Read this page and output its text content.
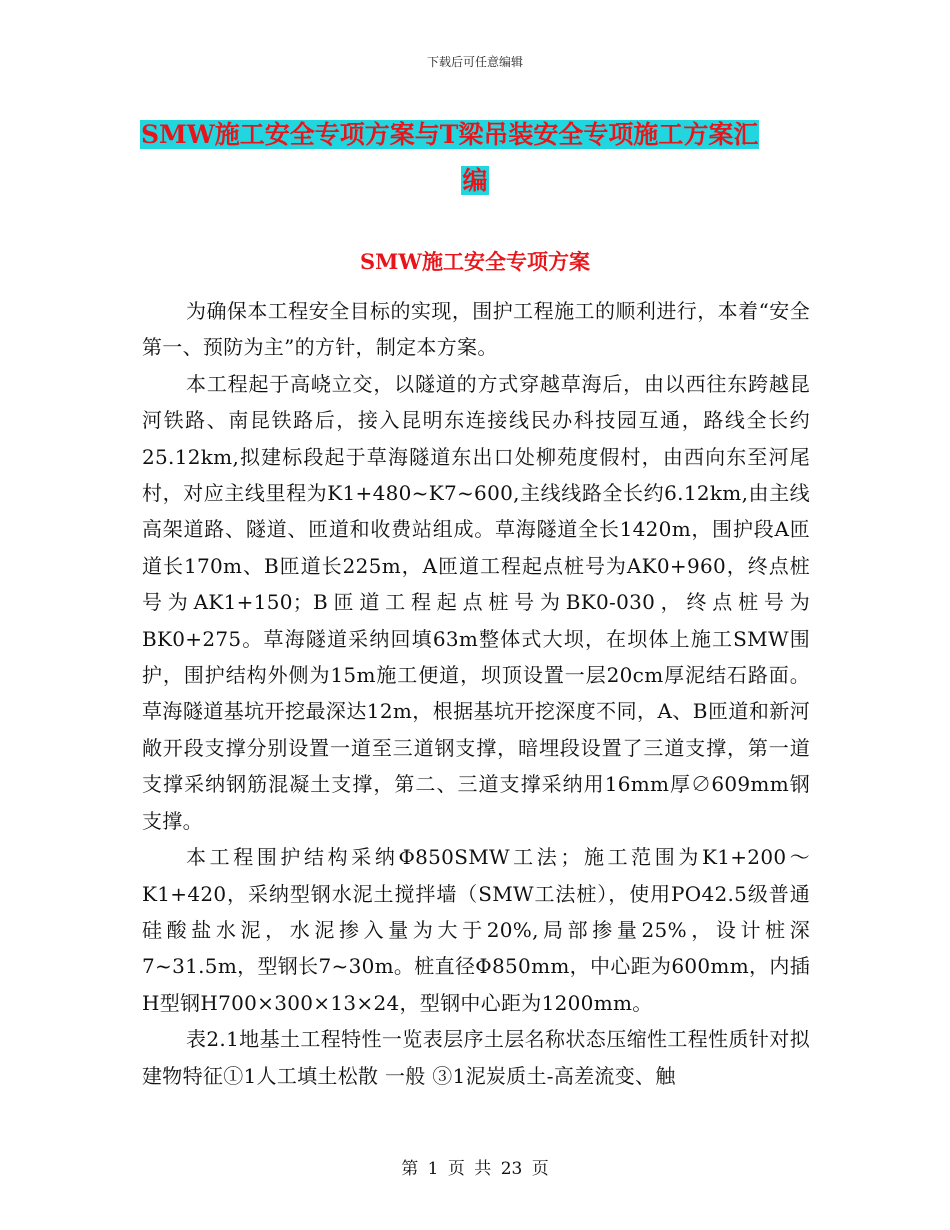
下载后可任意编辑
SMW施工安全专项方案与T梁吊装安全专项施工方案汇

编
SMW施工安全专项方案

为确保本工程安全目标的实现，围护工程施工的顺利进行，本着“安全第一、预防为主”的方针，制定本方案。

本工程起于高峣立交，以隧道的方式穿越草海后，由以西往东跨越昆河铁路、南昆铁路后，接入昆明东连接线民办科技园互通，路线全长约25.12km,拟建标段起于草海隧道东出口处柳苑度假村，由西向东至河尾村，对应主线里程为K1+480~K7~600,主线线路全长约6.12km,由主线高架道路、隧道、匝道和收费站组成。草海隧道全长1420m，围护段A匝道长170m、B匝道长225m，A匝道工程起点桩号为AK0+960，终点桩号为AK1+150；B匝道工程起点桩号为BK0-030，终点桩号为BK0+275。草海隧道采纳回填63m整体式大坝，在坝体上施工SMW围护，围护结构外侧为15m施工便道，坝顶设置一层20cm厚泥结石路面。草海隧道基坑开挖最深达12m，根据基坑开挖深度不同，A、B匝道和新河敞开段支撑分别设置一道至三道钢支撑，暗埋段设置了三道支撑，第一道支撑采纳钢筋混凝土支撑，第二、三道支撑采纳用16mm厚∅609mm钢支撑。

本工程围护结构采纳Φ850SMW工法；施工范围为K1+200～K1+420，采纳型钢水泥土搅拌墙（SMW工法桩），使用PO42.5级普通硅酸盐水泥，水泥掺入量为大于20%,局部掺量25%，设计桩深7~31.5m，型钢长7~30m。桩直径Φ850mm，中心距为600mm，内插H型钢H700×300×13×24，型钢中心距为1200mm。

表2.1地基土工程特性一览表层序土层名称状态压缩性工程性质针对拟建物特征①1人工填土松散 一般 ③1泥炭质土-高差流变、触

第 1 页 共 23 页
